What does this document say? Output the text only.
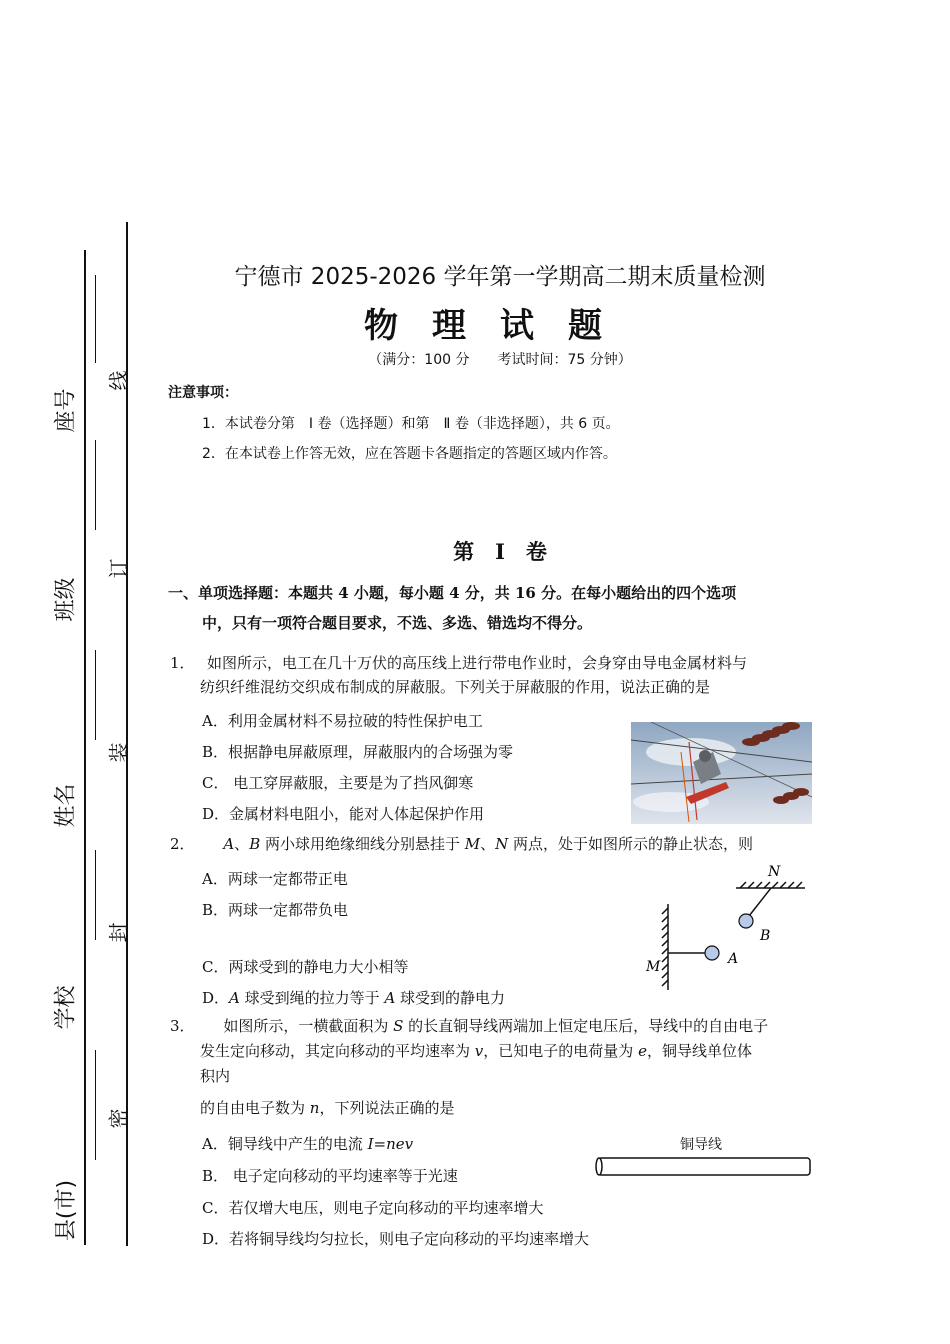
座号
班级
姓名
学校
县(市)
线
订
装
封
密
宁德市 2025-2026 学年第一学期高二期末质量检测
物理试题
（满分：100 分　　考试时间：75 分钟）
注意事项：
1．本试卷分第　Ⅰ 卷（选择题）和第　Ⅱ 卷（非选择题），共 6 页。
2．在本试卷上作答无效，应在答题卡各题指定的答题区域内作答。
第　Ⅰ　卷
一、单项选择题：本题共 4 小题，每小题 4 分，共 16 分。在每小题给出的四个选项
中，只有一项符合题目要求，不选、多选、错选均不得分。
1． 如图所示，电工在几十万伏的高压线上进行带电作业时，会身穿由导电金属材料与
纺织纤维混纺交织成布制成的屏蔽服。下列关于屏蔽服的作用，说法正确的是
A．利用金属材料不易拉破的特性保护电工
B．根据静电屏蔽原理，屏蔽服内的合场强为零
C． 电工穿屏蔽服，主要是为了挡风御寒
D．金属材料电阻小，能对人体起保护作用
2． A、B 两小球用绝缘细线分别悬挂于 M、N 两点，处于如图所示的静止状态，则
A．两球一定都带正电
B．两球一定都带负电
C．两球受到的静电力大小相等
D．A 球受到绳的拉力等于 A 球受到的静电力
N
B
M	A
3． 如图所示，一横截面积为 S 的长直铜导线两端加上恒定电压后，导线中的自由电子
发生定向移动，其定向移动的平均速率为 v，已知电子的电荷量为 e，铜导线单位体
积内
的自由电子数为 n，下列说法正确的是
A．铜导线中产生的电流 I=nev
B． 电子定向移动的平均速率等于光速
C．若仅增大电压，则电子定向移动的平均速率增大
D．若将铜导线均匀拉长，则电子定向移动的平均速率增大
铜导线
